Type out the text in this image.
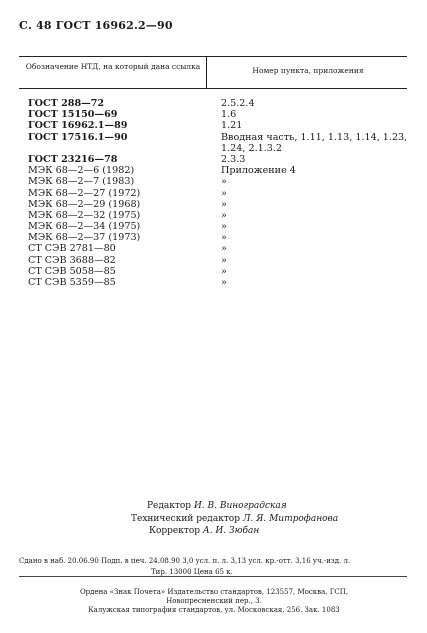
С. 48 ГОСТ 16962.2—90
Обозначение НТД, на который дана ссылка	Номер пункта, приложения
ГОСТ 288—72
ГОСТ 15150—69
ГОСТ 16962.1—89
ГОСТ 17516.1—90
ГОСТ 23216—78
МЭК 68—2—6 (1982)
МЭК 68—2—7 (1983)
МЭК 68—2—27 (1972)
МЭК 68—2—29 (1968)
МЭК 68—2—32 (1975)
МЭК 68—2—34 (1975)
МЭК 68—2—37 (1973)
СТ СЭВ 2781—80
СТ СЭВ 3688—82
СТ СЭВ 5058—85
СТ СЭВ 5359—85
2.5.2.4
1.6
1.21
Вводная часть, 1.11, 1.13, 1.14, 1.23,
1.24, 2.1.3.2
2.3.3
Приложение 4
»
»
»
»
»
»
»
»
»
»
Редактор И. В. Виноградская
Технический редактор Л. Я. Митрофанова
Корректор А. И. Зюбан
Сдано в наб. 20.06.90 Подп. в печ. 24.08.90 3,0 усл. п. л. 3,13 усл. кр.-отт. 3,16 уч.-изд. л.
Тир. 13000 Цена 65 к.
Ордена «Знак Почета» Издательство стандартов, 123557, Москва, ГСП,
Новопресненский пер., 3.
Калужская типография стандартов, ул. Московская, 256. Зак. 1083
